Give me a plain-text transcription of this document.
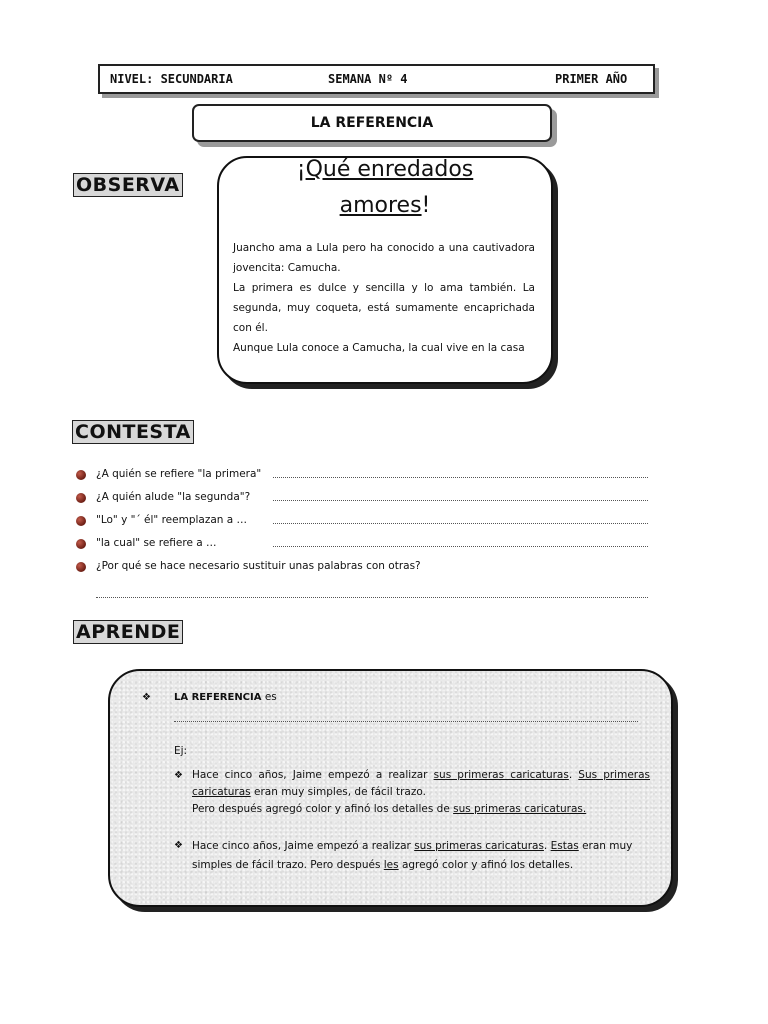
NIVEL: SECUNDARIA	SEMANA Nº 4	PRIMER AÑO
LA REFERENCIA
OBSERVA
¡Qué enredados
amores!
Juancho ama a Lula pero ha conocido a una cautivadora jovencita: Camucha.
La primera es dulce y sencilla y lo ama también. La segunda, muy coqueta, está sumamente encaprichada con él.
Aunque Lula conoce a Camucha, la cual vive en la casa
CONTESTA
¿A quién se refiere "la primera"
¿A quién alude "la segunda"?
"Lo" y "´ él" reemplazan a …
"la cual" se refiere a …
¿Por qué se hace necesario sustituir unas palabras con otras?
APRENDE
❖ LA REFERENCIA es
Ej:
❖ Hace cinco años, Jaime empezó a realizar sus primeras caricaturas. Sus primeras caricaturas eran muy simples, de fácil trazo.
Pero después agregó color y afinó los detalles de sus primeras caricaturas.
❖ Hace cinco años, Jaime empezó a realizar sus primeras caricaturas. Estas eran muy simples de fácil trazo. Pero después les agregó color y afinó los detalles.
